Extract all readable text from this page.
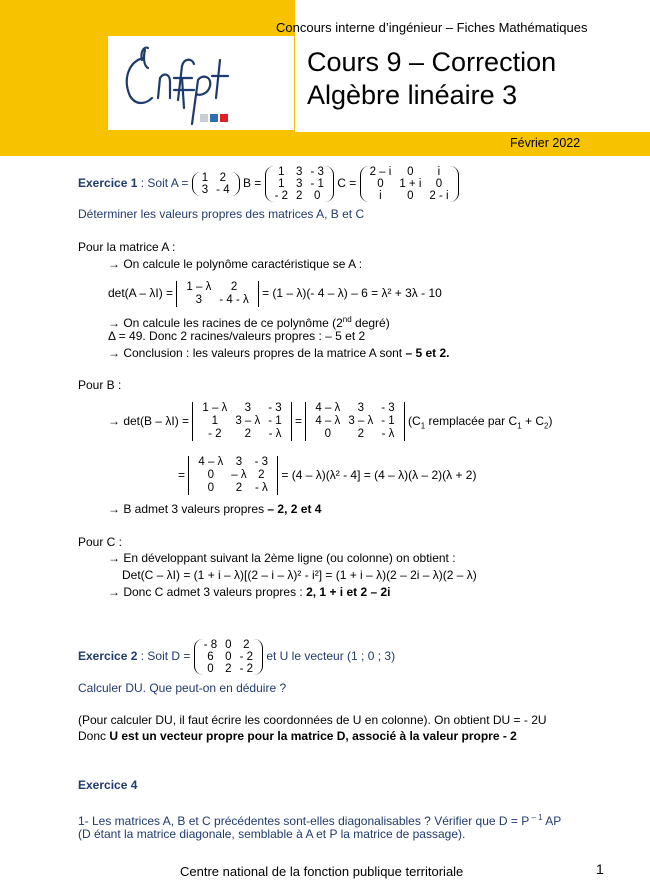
Concours interne d’ingénieur – Fiches Mathématiques
Cours 9 – Correction
Algèbre linéaire 3
Février 2022
Exercice 1 : Soit A = 1	2
3	- 4 B =
1	3	- 3
1	3	- 1
- 2	2	0
C =
2 – i	0	i
0	1 + i	0
i	0	2 - i
Déterminer les valeurs propres des matrices A, B et C
Pour la matrice A :
→ On calcule le polynôme caractéristique se A :
det(A – λI) = 1 – λ	2
3	- 4 - λ = (1 – λ)(- 4 – λ) – 6 = λ² + 3λ - 10
→ On calcule les racines de ce polynôme (2nd degré)
Δ = 49. Donc 2 racines/valeurs propres : – 5 et 2
→ Conclusion : les valeurs propres de la matrice A sont – 5 et 2.
Pour B :
→ det(B – λI) =
1 – λ	3	- 3
1	3 – λ	- 1
- 2	2	- λ
=
4 – λ	3	- 3
4 – λ	3 – λ	- 1
0	2	- λ
($C_1$ remplacée par $C_1 + C_2$)
=
4 – λ	3	- 3
0	– λ	2
0	2	- λ
= (4 – λ)(λ² - 4] = (4 – λ)(λ – 2)(λ + 2)
→ B admet 3 valeurs propres – 2, 2 et 4
Pour C :
→ En développant suivant la 2ème ligne (ou colonne) on obtient :
Det(C – λI) = (1 + i – λ)[(2 – i – λ)² - i²] = (1 + i – λ)(2 – 2i – λ)(2 – λ)
→ Donc C admet 3 valeurs propres : 2, 1 + i et 2 – 2i
Exercice 2 : Soit D =
- 8	0	2
6	0	- 2
0	2	- 2
et U le vecteur (1 ; 0 ; 3)
Calculer DU. Que peut-on en déduire ?
(Pour calculer DU, il faut écrire les coordonnées de U en colonne). On obtient DU = - 2U
Donc U est un vecteur propre pour la matrice D, associé à la valeur propre - 2
Exercice 4
1- Les matrices A, B et C précédentes sont-elles diagonalisables ? Vérifier que D = P $^{- 1}$ AP
(D étant la matrice diagonale, semblable à A et P la matrice de passage).
Centre national de la fonction publique territoriale	1
